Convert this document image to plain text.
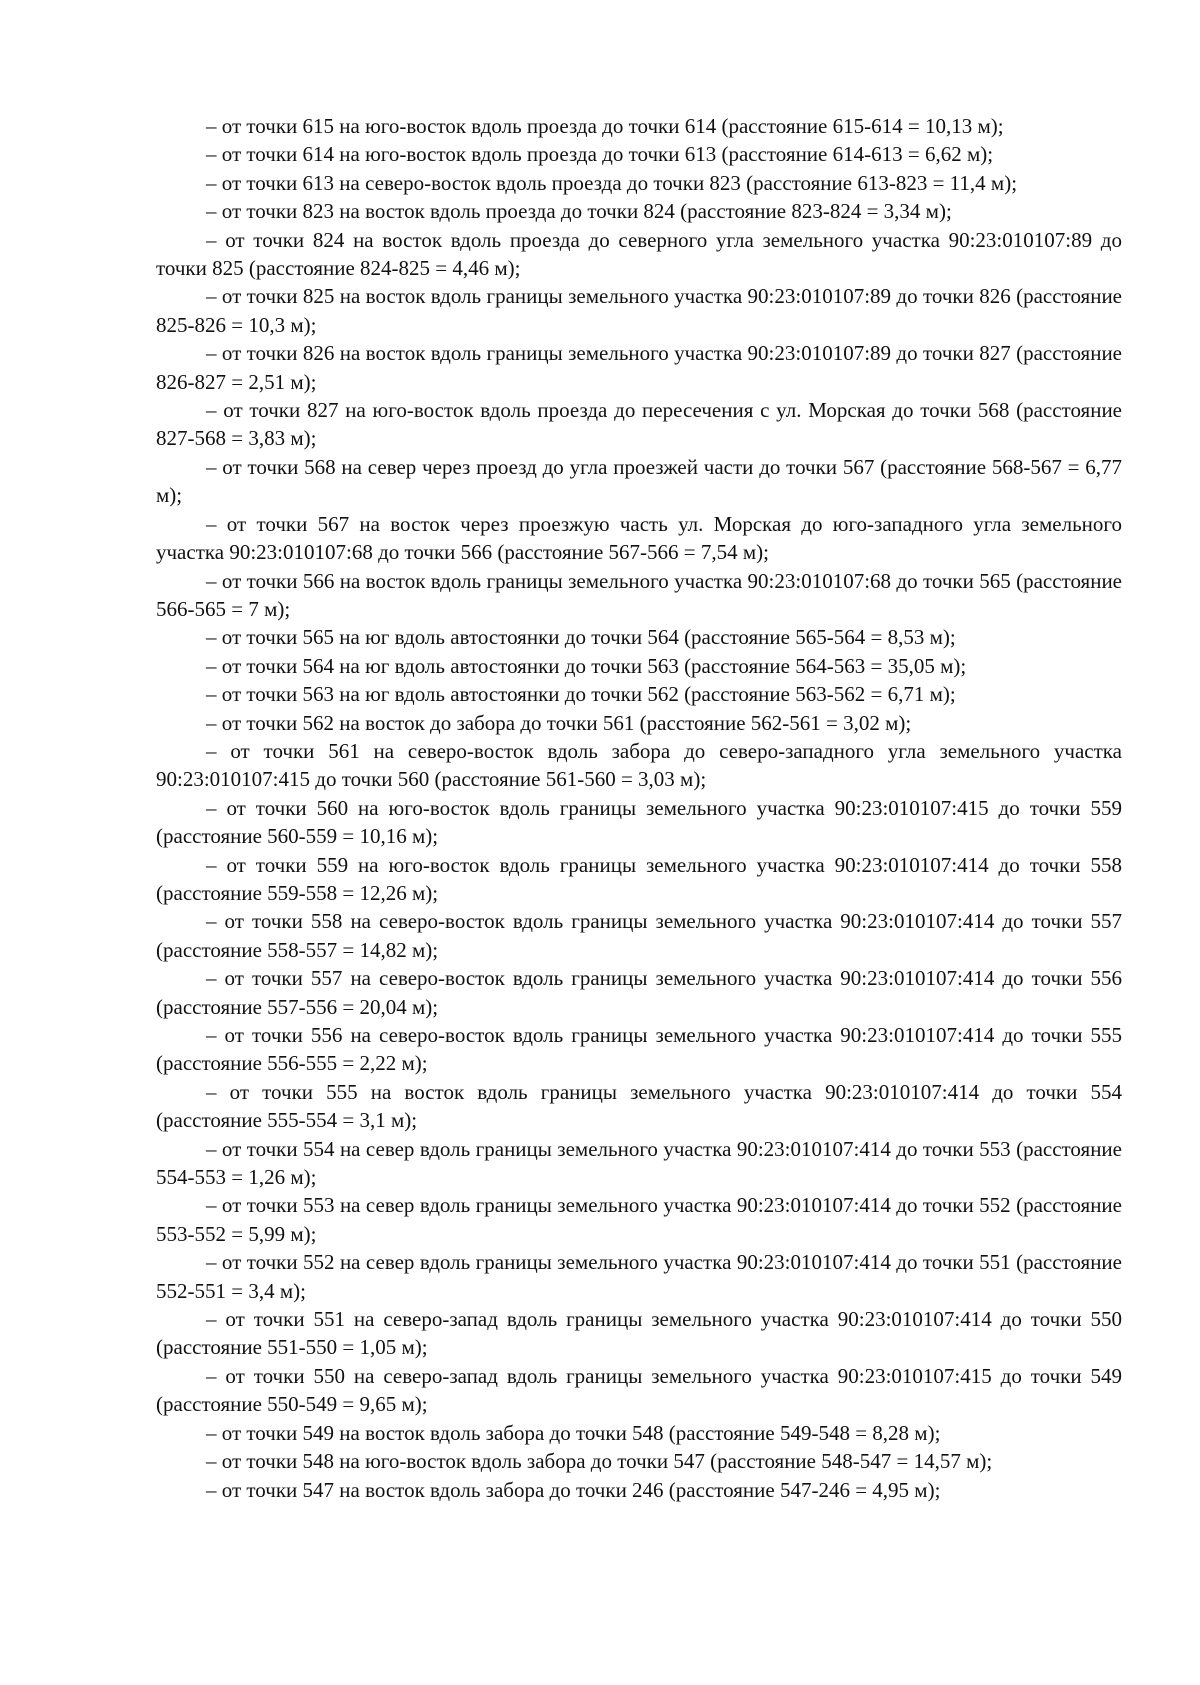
– от точки 615 на юго-восток вдоль проезда до точки 614 (расстояние 615-614 = 10,13 м);

– от точки 614 на юго-восток вдоль проезда до точки 613 (расстояние 614-613 = 6,62 м);

– от точки 613 на северо-восток вдоль проезда до точки 823 (расстояние 613-823 = 11,4 м);

– от точки 823 на восток вдоль проезда до точки 824 (расстояние 823-824 = 3,34 м);

– от точки 824 на восток вдоль проезда до северного угла земельного участка 90:23:010107:89 до точки 825 (расстояние 824-825 = 4,46 м);

– от точки 825 на восток вдоль границы земельного участка 90:23:010107:89 до точки 826 (расстояние 825-826 = 10,3 м);

– от точки 826 на восток вдоль границы земельного участка 90:23:010107:89 до точки 827 (расстояние 826-827 = 2,51 м);

– от точки 827 на юго-восток вдоль проезда до пересечения с ул. Морская до точки 568 (расстояние 827-568 = 3,83 м);

– от точки 568 на север через проезд до угла проезжей части до точки 567 (расстояние 568-567 = 6,77 м);

– от точки 567 на восток через проезжую часть ул. Морская до юго-западного угла земельного участка 90:23:010107:68 до точки 566 (расстояние 567-566 = 7,54 м);

– от точки 566 на восток вдоль границы земельного участка 90:23:010107:68 до точки 565 (расстояние 566-565 = 7 м);

– от точки 565 на юг вдоль автостоянки до точки 564 (расстояние 565-564 = 8,53 м);

– от точки 564 на юг вдоль автостоянки до точки 563 (расстояние 564-563 = 35,05 м);

– от точки 563 на юг вдоль автостоянки до точки 562 (расстояние 563-562 = 6,71 м);

– от точки 562 на восток до забора до точки 561 (расстояние 562-561 = 3,02 м);

– от точки 561 на северо-восток вдоль забора до северо-западного угла земельного участка 90:23:010107:415 до точки 560 (расстояние 561-560 = 3,03 м);

– от точки 560 на юго-восток вдоль границы земельного участка 90:23:010107:415 до точки 559 (расстояние 560-559 = 10,16 м);

– от точки 559 на юго-восток вдоль границы земельного участка 90:23:010107:414 до точки 558 (расстояние 559-558 = 12,26 м);

– от точки 558 на северо-восток вдоль границы земельного участка 90:23:010107:414 до точки 557 (расстояние 558-557 = 14,82 м);

– от точки 557 на северо-восток вдоль границы земельного участка 90:23:010107:414 до точки 556 (расстояние 557-556 = 20,04 м);

– от точки 556 на северо-восток вдоль границы земельного участка 90:23:010107:414 до точки 555 (расстояние 556-555 = 2,22 м);

– от точки 555 на восток вдоль границы земельного участка 90:23:010107:414 до точки 554 (расстояние 555-554 = 3,1 м);

– от точки 554 на север вдоль границы земельного участка 90:23:010107:414 до точки 553 (расстояние 554-553 = 1,26 м);

– от точки 553 на север вдоль границы земельного участка 90:23:010107:414 до точки 552 (расстояние 553-552 = 5,99 м);

– от точки 552 на север вдоль границы земельного участка 90:23:010107:414 до точки 551 (расстояние 552-551 = 3,4 м);

– от точки 551 на северо-запад вдоль границы земельного участка 90:23:010107:414 до точки 550 (расстояние 551-550 = 1,05 м);

– от точки 550 на северо-запад вдоль границы земельного участка 90:23:010107:415 до точки 549 (расстояние 550-549 = 9,65 м);

– от точки 549 на восток вдоль забора до точки 548 (расстояние 549-548 = 8,28 м);

– от точки 548 на юго-восток вдоль забора до точки 547 (расстояние 548-547 = 14,57 м);

– от точки 547 на восток вдоль забора до точки 246 (расстояние 547-246 = 4,95 м);
